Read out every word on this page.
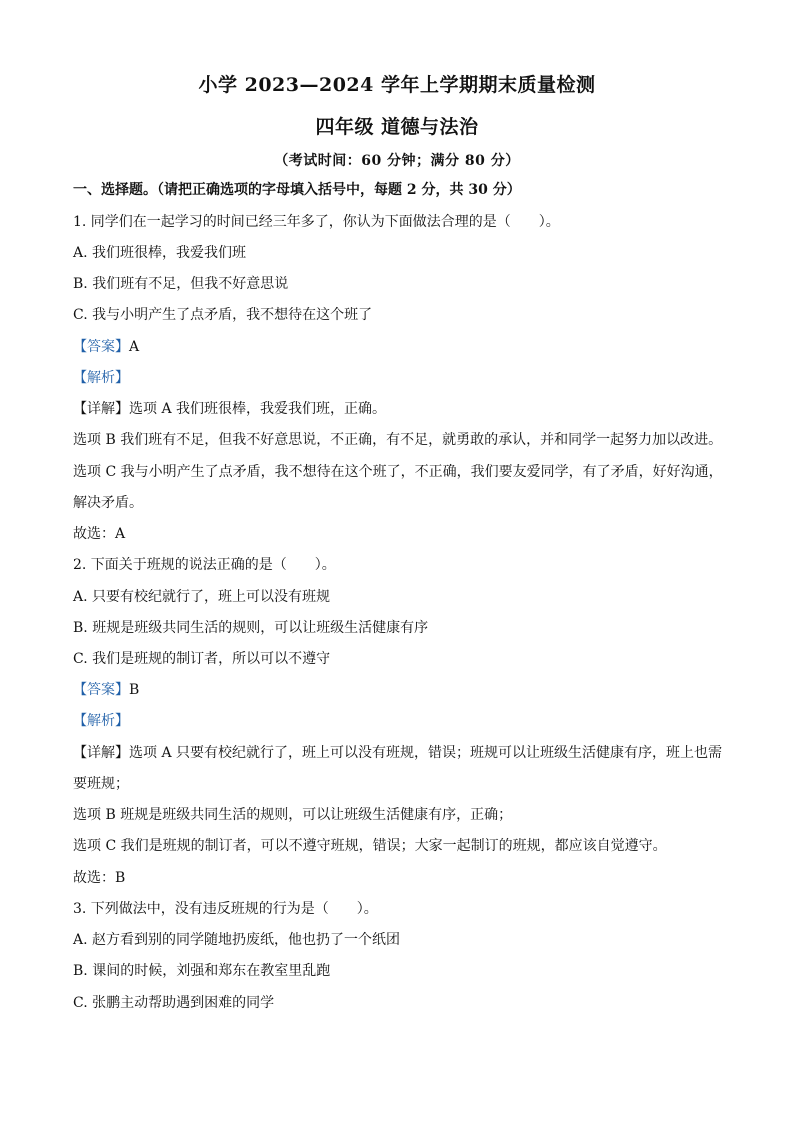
小学 2023—2024 学年上学期期末质量检测
四年级 道德与法治
（考试时间：60 分钟；满分 80 分）
一、选择题。（请把正确选项的字母填入括号中，每题 2 分，共 30 分）
1. 同学们在一起学习的时间已经三年多了，你认为下面做法合理的是（　　）。
A. 我们班很棒，我爱我们班
B. 我们班有不足，但我不好意思说
C. 我与小明产生了点矛盾，我不想待在这个班了
【答案】A
【解析】
【详解】选项 A 我们班很棒，我爱我们班，正确。
选项 B 我们班有不足，但我不好意思说，不正确，有不足，就勇敢的承认，并和同学一起努力加以改进。
选项 C 我与小明产生了点矛盾，我不想待在这个班了，不正确，我们要友爱同学，有了矛盾，好好沟通，
解决矛盾。
故选：A
2. 下面关于班规的说法正确的是（　　）。
A. 只要有校纪就行了，班上可以没有班规
B. 班规是班级共同生活的规则，可以让班级生活健康有序
C. 我们是班规的制订者，所以可以不遵守
【答案】B
【解析】
【详解】选项 A 只要有校纪就行了，班上可以没有班规，错误；班规可以让班级生活健康有序，班上也需
要班规；
选项 B 班规是班级共同生活的规则，可以让班级生活健康有序，正确；
选项 C 我们是班规的制订者，可以不遵守班规，错误；大家一起制订的班规，都应该自觉遵守。
故选：B
3. 下列做法中，没有违反班规的行为是（　　）。
A. 赵方看到别的同学随地扔废纸，他也扔了一个纸团
B. 课间的时候，刘强和郑东在教室里乱跑
C. 张鹏主动帮助遇到困难的同学
